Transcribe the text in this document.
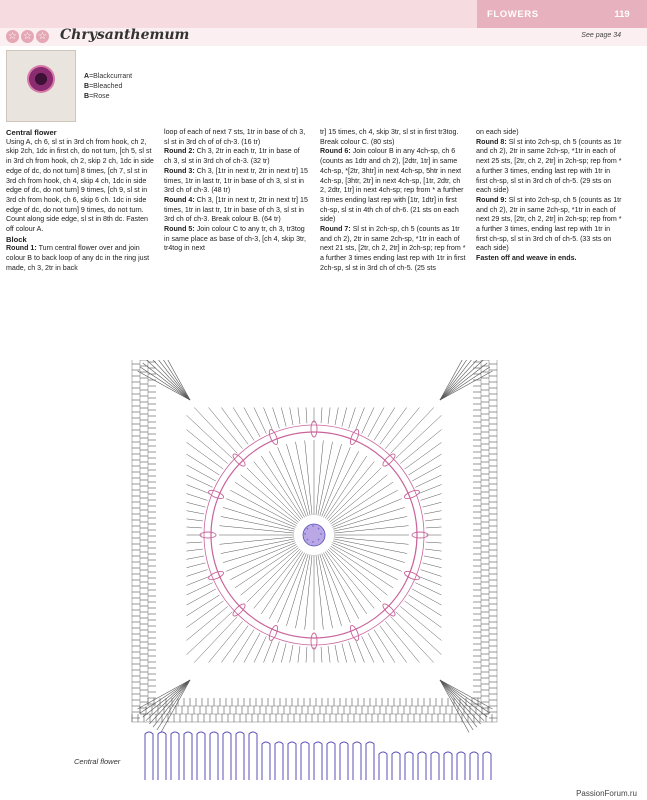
FLOWERS	119
☆ ☆ ☆ Chrysanthemum	See page 34
A=Blackcurrant
B=Bleached
B=Rose

Central flower

Using A, ch 6, sl st in 3rd ch from hook, ch 2, skip 2ch, 1dc in first ch, do not turn, [ch 5, sl st in 3rd ch from hook, ch 2, skip 2 ch, 1dc in side edge of dc, do not turn] 8 times, [ch 7, sl st in 3rd ch from hook, ch 4, skip 4 ch, 1dc in side edge of dc, do not turn] 9 times, [ch 9, sl st in 3rd ch from hook, ch 6, skip 6 ch. 1dc in side edge of dc, do not turn] 9 times, do not turn. Count along side edge, sl st in 8th dc. Fasten off colour A.

Block

Round 1: Turn central flower over and join colour B to back loop of any dc in the ring just made, ch 3, 2tr in back

loop of each of next 7 sts, 1tr in base of ch 3, sl st in 3rd ch of of ch-3. (16 tr)

Round 2: Ch 3, 2tr in each tr, 1tr in base of ch 3, sl st in 3rd ch of ch-3. (32 tr)

Round 3: Ch 3, [1tr in next tr, 2tr in next tr] 15 times, 1tr in last tr, 1tr in base of ch 3, sl st in 3rd ch of ch-3. (48 tr)

Round 4: Ch 3, [1tr in next tr, 2tr in next tr] 15 times, 1tr in last tr, 1tr in base of ch 3, sl st in 3rd ch of ch-3. Break colour B. (64 tr)

Round 5: Join colour C to any tr, ch 3, tr3tog in same place as base of ch-3, [ch 4, skip 3tr, tr4tog in next

tr] 15 times, ch 4, skip 3tr, sl st in first tr3tog. Break colour C. (80 sts)

Round 6: Join colour B in any 4ch-sp, ch 6 (counts as 1dtr and ch 2), [2dtr, 1tr] in same 4ch-sp, *[2tr, 3htr] in next 4ch-sp, 5htr in next 4ch-sp, [3htr, 2tr] in next 4ch-sp, [1tr, 2dtr, ch 2, 2dtr, 1tr] in next 4ch-sp; rep from * a further 3 times ending last rep with [1tr, 1dtr] in first ch-sp, sl st in 4th ch of ch-6. (21 sts on each side)

Round 7: Sl st in 2ch-sp, ch 5 (counts as 1tr and ch 2), 2tr in same 2ch-sp, *1tr in each of next 21 sts, [2tr, ch 2, 2tr] in 2ch-sp; rep from * a further 3 times ending last rep with 1tr in first 2ch-sp, sl st in 3rd ch of ch-5. (25 sts

on each side)

Round 8: Sl st into 2ch-sp, ch 5 (counts as 1tr and ch 2), 2tr in same 2ch-sp, *1tr in each of next 25 sts, [2tr, ch 2, 2tr] in 2ch-sp; rep from * a further 3 times, ending last rep with 1tr in first ch-sp, sl st in 3rd ch of ch-5. (29 sts on each side)

Round 9: Sl st into 2ch-sp, ch 5 (counts as 1tr and ch 2), 2tr in same 2ch-sp, *1tr in each of next 29 sts, [2tr, ch 2, 2tr] in 2ch-sp; rep from * a further 3 times, ending last rep with 1tr in first ch-sp, sl st in 3rd ch of ch-5. (33 sts on each side)

Fasten off and weave in ends.

*
*
*
*
*
* * *
Central flower
PassionForum.ru
